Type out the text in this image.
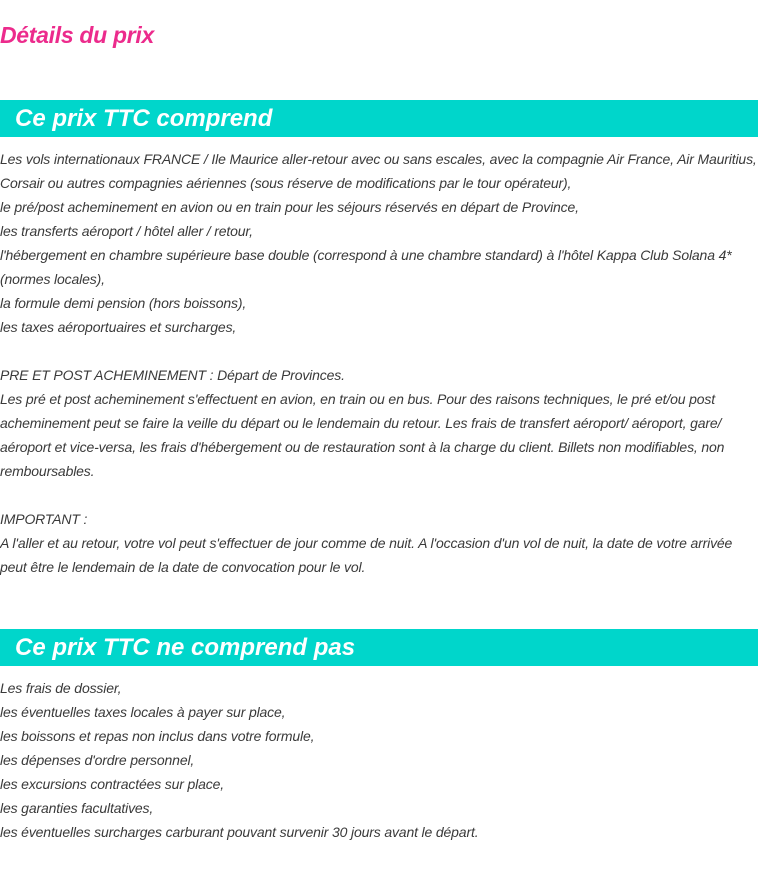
Détails du prix
Ce prix TTC comprend

Les vols internationaux FRANCE / Ile Maurice aller-retour avec ou sans escales, avec la compagnie Air France, Air Mauritius, Corsair ou autres compagnies aériennes (sous réserve de modifications par le tour opérateur),

le pré/post acheminement en avion ou en train pour les séjours réservés en départ de Province,

les transferts aéroport / hôtel aller / retour,

l'hébergement en chambre supérieure base double (correspond à une chambre standard) à l'hôtel Kappa Club Solana 4*(normes locales),

la formule demi pension (hors boissons),

les taxes aéroportuaires et surcharges,

PRE ET POST ACHEMINEMENT : Départ de Provinces.

Les pré et post acheminement s'effectuent en avion, en train ou en bus. Pour des raisons techniques, le pré et/ou post acheminement peut se faire la veille du départ ou le lendemain du retour. Les frais de transfert aéroport/ aéroport, gare/ aéroport et vice-versa, les frais d'hébergement ou de restauration sont à la charge du client. Billets non modifiables, non remboursables.

IMPORTANT :

A l'aller et au retour, votre vol peut s'effectuer de jour comme de nuit. A l'occasion d'un vol de nuit, la date de votre arrivée peut être le lendemain de la date de convocation pour le vol.

Ce prix TTC ne comprend pas

Les frais de dossier,

les éventuelles taxes locales à payer sur place,

les boissons et repas non inclus dans votre formule,

les dépenses d'ordre personnel,

les excursions contractées sur place,

les garanties facultatives,

les éventuelles surcharges carburant pouvant survenir 30 jours avant le départ.
